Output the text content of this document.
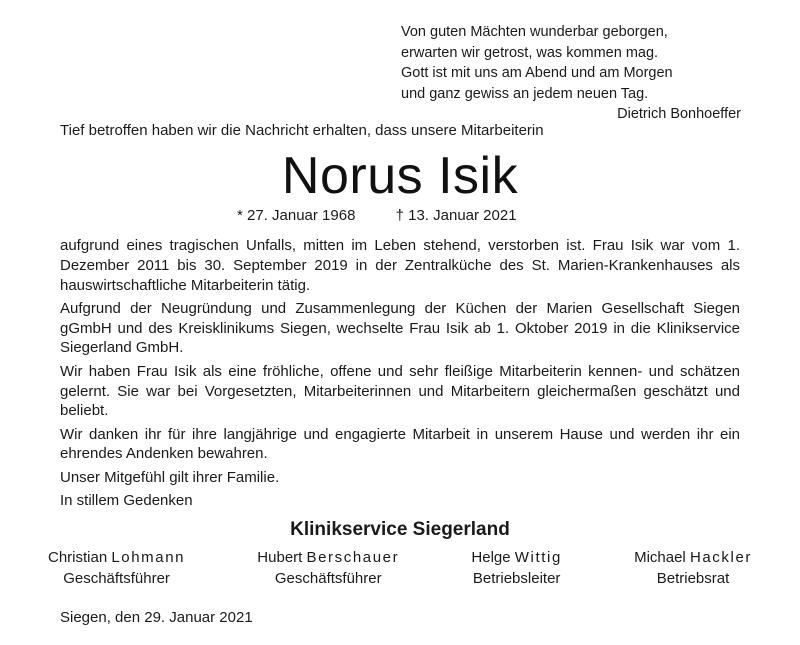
Von guten Mächten wunderbar geborgen,
erwarten wir getrost, was kommen mag.
Gott ist mit uns am Abend und am Morgen
und ganz gewiss an jedem neuen Tag.
Dietrich Bonhoeffer
Tief betroffen haben wir die Nachricht erhalten, dass unsere Mitarbeiterin
Norus Isik
* 27. Januar 1968	† 13. Januar 2021

aufgrund eines tragischen Unfalls, mitten im Leben stehend, verstorben ist. Frau Isik war vom 1. Dezember 2011 bis 30. September 2019 in der Zentralküche des St. Marien-Krankenhauses als hauswirtschaftliche Mitarbeiterin tätig.

Aufgrund der Neugründung und Zusammenlegung der Küchen der Marien Gesellschaft Siegen gGmbH und des Kreisklinikums Siegen, wechselte Frau Isik ab 1. Oktober 2019 in die Klinikservice Siegerland GmbH.

Wir haben Frau Isik als eine fröhliche, offene und sehr fleißige Mitarbeiterin kennen- und schätzen gelernt. Sie war bei Vorgesetzten, Mitarbeiterinnen und Mitarbeitern gleichermaßen geschätzt und beliebt.

Wir danken ihr für ihre langjährige und engagierte Mitarbeit in unserem Hause und werden ihr ein ehrendes Andenken bewahren.

Unser Mitgefühl gilt ihrer Familie.

In stillem Gedenken

Klinikservice Siegerland
Christian Lohmann
Geschäftsführer
Hubert Berschauer
Geschäftsführer
Helge Wittig
Betriebsleiter
Michael Hackler
Betriebsrat
Siegen, den 29. Januar 2021
